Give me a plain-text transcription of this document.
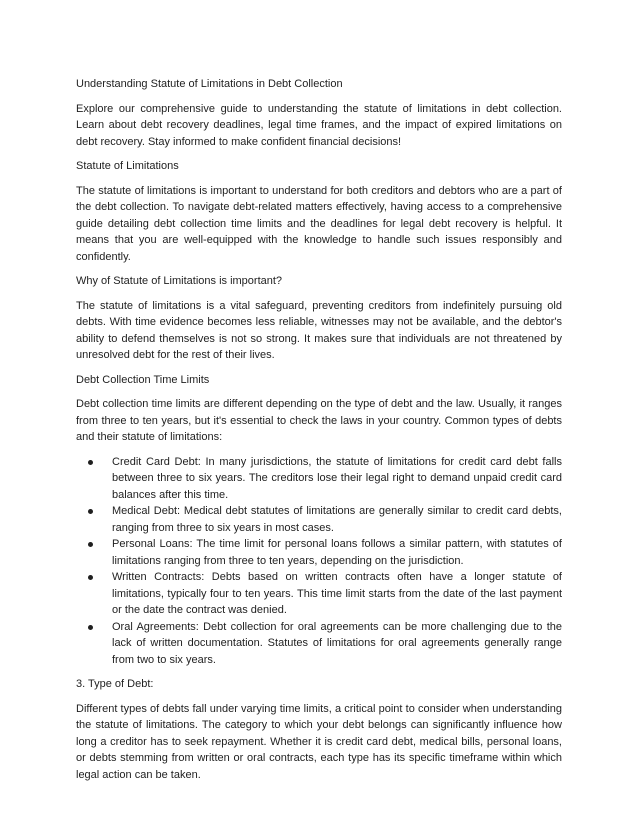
Understanding Statute of Limitations in Debt Collection

Explore our comprehensive guide to understanding the statute of limitations in debt collection. Learn about debt recovery deadlines, legal time frames, and the impact of expired limitations on debt recovery. Stay informed to make confident financial decisions!

Statute of Limitations

The statute of limitations is important to understand for both creditors and debtors who are a part of the debt collection. To navigate debt-related matters effectively, having access to a comprehensive guide detailing debt collection time limits and the deadlines for legal debt recovery is helpful. It means that you are well-equipped with the knowledge to handle such issues responsibly and confidently.

Why of Statute of Limitations is important?

The statute of limitations is a vital safeguard, preventing creditors from indefinitely pursuing old debts. With time evidence becomes less reliable, witnesses may not be available, and the debtor's ability to defend themselves is not so strong. It makes sure that individuals are not threatened by unresolved debt for the rest of their lives.

Debt Collection Time Limits

Debt collection time limits are different depending on the type of debt and the law. Usually, it ranges from three to ten years, but it's essential to check the laws in your country. Common types of debts and their statute of limitations:

Credit Card Debt: In many jurisdictions, the statute of limitations for credit card debt falls between three to six years. The creditors lose their legal right to demand unpaid credit card balances after this time.
Medical Debt: Medical debt statutes of limitations are generally similar to credit card debts, ranging from three to six years in most cases.
Personal Loans: The time limit for personal loans follows a similar pattern, with statutes of limitations ranging from three to ten years, depending on the jurisdiction.
Written Contracts: Debts based on written contracts often have a longer statute of limitations, typically four to ten years. This time limit starts from the date of the last payment or the date the contract was denied.
Oral Agreements: Debt collection for oral agreements can be more challenging due to the lack of written documentation. Statutes of limitations for oral agreements generally range from two to six years.

3. Type of Debt:

Different types of debts fall under varying time limits, a critical point to consider when understanding the statute of limitations. The category to which your debt belongs can significantly influence how long a creditor has to seek repayment. Whether it is credit card debt, medical bills, personal loans, or debts stemming from written or oral contracts, each type has its specific timeframe within which legal action can be taken.
